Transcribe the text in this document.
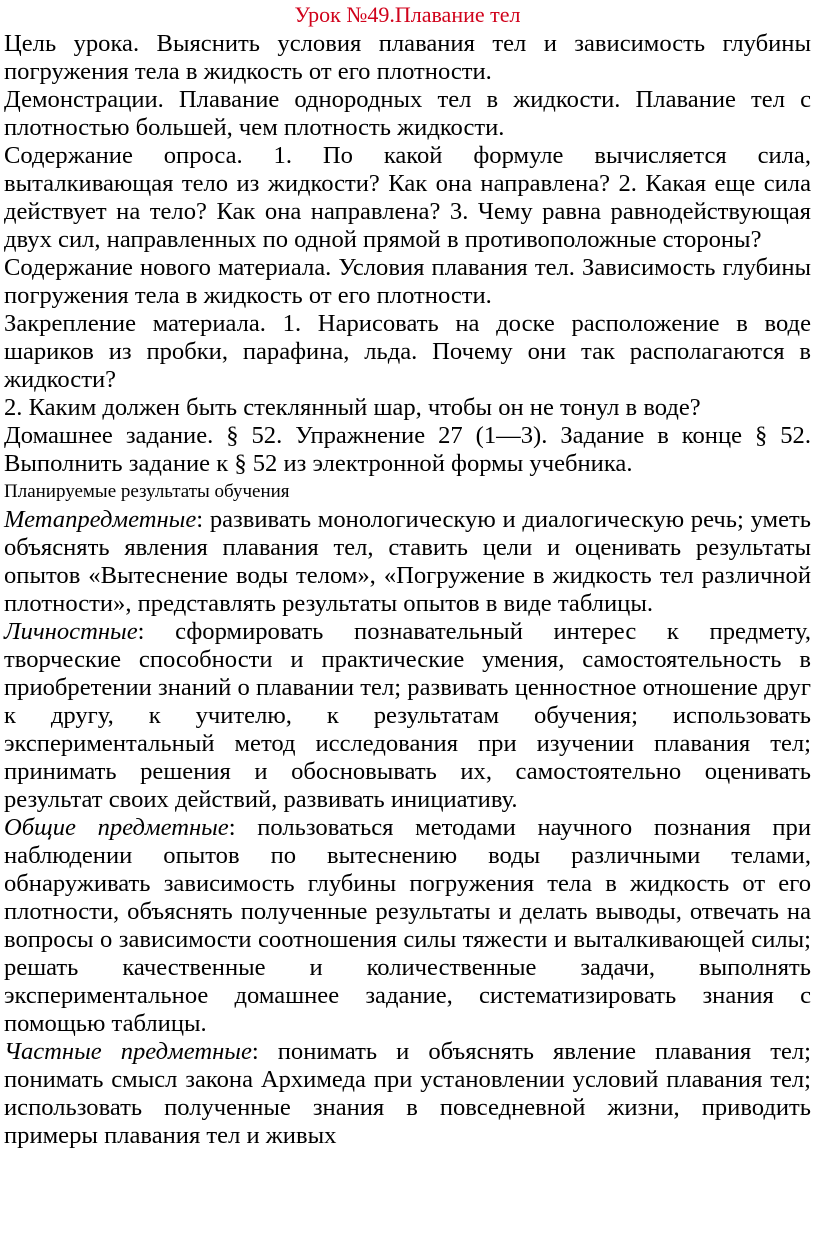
Урок №49.Плавание тел

Цель урока. Выяснить условия плавания тел и зависимость глубины погружения тела в жидкость от его плотности.

Демонстрации. Плавание однородных тел в жидкости. Плавание тел с плотностью большей, чем плотность жидкости.

Содержание опроса. 1. По какой формуле вычисляется сила, выталкивающая тело из жидкости? Как она направлена? 2. Какая еще сила действует на тело? Как она направлена? 3. Чему равна равнодействующая двух сил, направленных по одной прямой в противоположные стороны?

Содержание нового материала. Условия плавания тел. Зависимость глубины погружения тела в жидкость от его плотности.

Закрепление материала. 1. Нарисовать на доске расположение в воде шариков из пробки, парафина, льда. Почему они так располагаются в жидкости?

2. Каким должен быть стеклянный шар, чтобы он не тонул в воде?

Домашнее задание. § 52. Упражнение 27 (1—3). Задание в конце § 52. Выполнить задание к § 52 из электронной формы учебника.

Планируемые результаты обучения

Метапредметные: развивать монологическую и диалогическую речь; уметь объяснять явления плавания тел, ставить цели и оценивать результаты опытов «Вытеснение воды телом», «Погружение в жидкость тел различной плотности», представлять результаты опытов в виде таблицы.

Личностные: сформировать познавательный интерес к предмету, творческие способности и практические умения, самостоятельность в приобретении знаний о плавании тел; развивать ценностное отношение друг к другу, к учителю, к результатам обучения; использовать экспериментальный метод исследования при изучении плавания тел; принимать решения и обосновывать их, самостоятельно оценивать результат своих действий, развивать инициативу.

Общие предметные: пользоваться методами научного познания при наблюдении опытов по вытеснению воды различными телами, обнаруживать зависимость глубины погружения тела в жидкость от его плотности, объяснять полученные результаты и делать выводы, отвечать на вопросы о зависимости соотношения силы тяжести и выталкивающей силы; решать качественные и количественные задачи, выполнять экспериментальное домашнее задание, систематизировать знания с помощью таблицы.

Частные предметные: понимать и объяснять явление плавания тел; понимать смысл закона Архимеда при установлении условий плавания тел; использовать полученные знания в повседневной жизни, приводить примеры плавания тел и живых
